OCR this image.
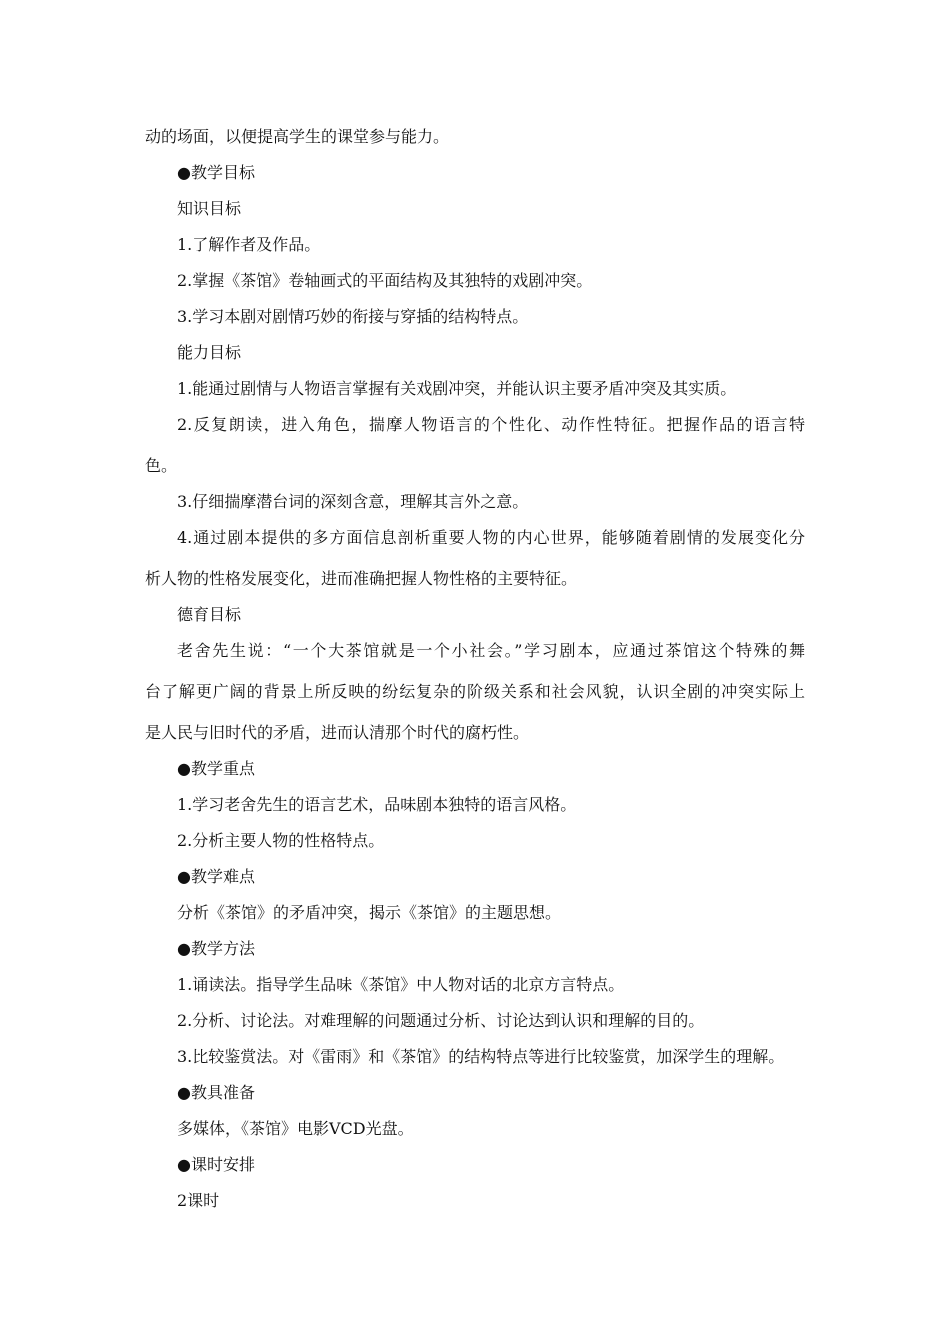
动的场面，以便提高学生的课堂参与能力。
●教学目标
知识目标
1.了解作者及作品。
2.掌握《茶馆》卷轴画式的平面结构及其独特的戏剧冲突。
3.学习本剧对剧情巧妙的衔接与穿插的结构特点。
能力目标
1.能通过剧情与人物语言掌握有关戏剧冲突，并能认识主要矛盾冲突及其实质。
2.反复朗读，进入角色，揣摩人物语言的个性化、动作性特征。把握作品的语言特
色。
3.仔细揣摩潜台词的深刻含意，理解其言外之意。
4.通过剧本提供的多方面信息剖析重要人物的内心世界，能够随着剧情的发展变化分
析人物的性格发展变化，进而准确把握人物性格的主要特征。
德育目标
老舍先生说：“一个大茶馆就是一个小社会。”学习剧本，应通过茶馆这个特殊的舞
台了解更广阔的背景上所反映的纷纭复杂的阶级关系和社会风貌，认识全剧的冲突实际上
是人民与旧时代的矛盾，进而认清那个时代的腐朽性。
●教学重点
1.学习老舍先生的语言艺术，品味剧本独特的语言风格。
2.分析主要人物的性格特点。
●教学难点
分析《茶馆》的矛盾冲突，揭示《茶馆》的主题思想。
●教学方法
1.诵读法。指导学生品味《茶馆》中人物对话的北京方言特点。
2.分析、讨论法。对难理解的问题通过分析、讨论达到认识和理解的目的。
3.比较鉴赏法。对《雷雨》和《茶馆》的结构特点等进行比较鉴赏，加深学生的理解。
●教具准备
多媒体，《茶馆》电影VCD光盘。
●课时安排
2课时
